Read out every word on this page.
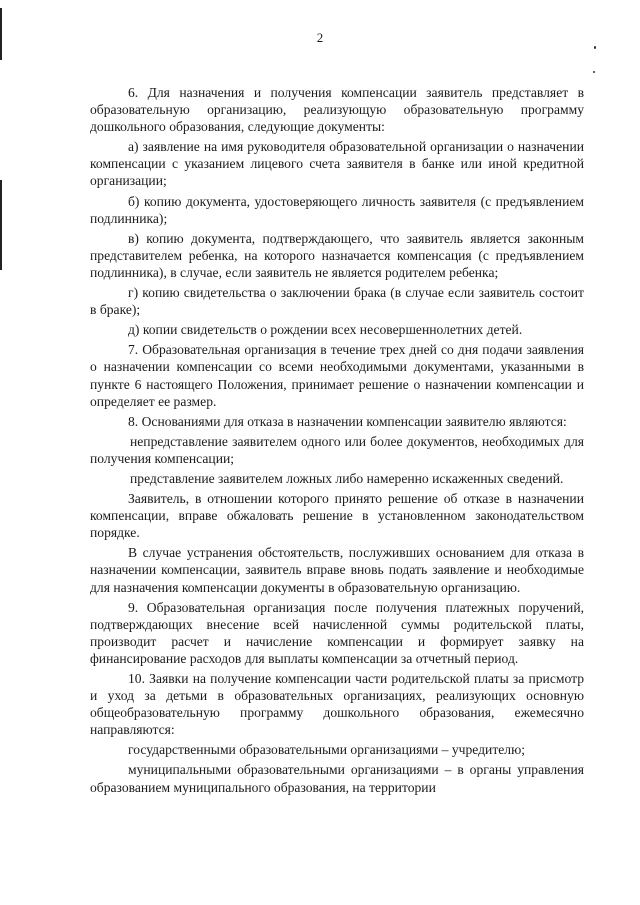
2

6. Для назначения и получения компенсации заявитель представляет в образовательную организацию, реализующую образовательную программу дошкольного образования, следующие документы:

а) заявление на имя руководителя образовательной организации о назначении компенсации с указанием лицевого счета заявителя в банке или иной кредитной организации;

б) копию документа, удостоверяющего личность заявителя (с предъявлением подлинника);

в) копию документа, подтверждающего, что заявитель является законным представителем ребенка, на которого назначается компенсация (с предъявлением подлинника), в случае, если заявитель не является родителем ребенка;

г) копию свидетельства о заключении брака (в случае если заявитель состоит в браке);

д) копии свидетельств о рождении всех несовершеннолетних детей.

7. Образовательная организация в течение трех дней со дня подачи заявления о назначении компенсации со всеми необходимыми документами, указанными в пункте 6 настоящего Положения, принимает решение о назначении компенсации и определяет ее размер.

8. Основаниями для отказа в назначении компенсации заявителю являются:

непредставление заявителем одного или более документов, необходимых для получения компенсации;

представление заявителем ложных либо намеренно искаженных сведений.

Заявитель, в отношении которого принято решение об отказе в назначении компенсации, вправе обжаловать решение в установленном законодательством порядке.

В случае устранения обстоятельств, послуживших основанием для отказа в назначении компенсации, заявитель вправе вновь подать заявление и необходимые для назначения компенсации документы в образовательную организацию.

9. Образовательная организация после получения платежных поручений, подтверждающих внесение всей начисленной суммы родительской платы, производит расчет и начисление компенсации и формирует заявку на финансирование расходов для выплаты компенсации за отчетный период.

10. Заявки на получение компенсации части родительской платы за присмотр и уход за детьми в образовательных организациях, реализующих основную общеобразовательную программу дошкольного образования, ежемесячно направляются:

государственными образовательными организациями – учредителю;

муниципальными образовательными организациями – в органы управления образованием муниципального образования, на территории
